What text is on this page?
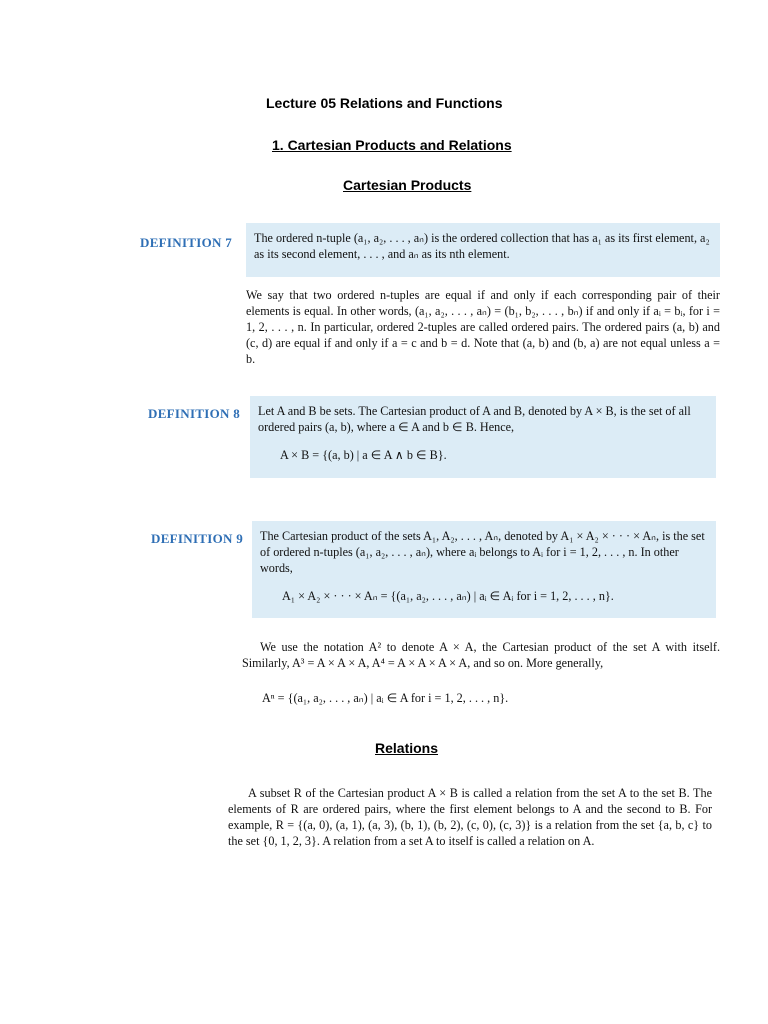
Lecture 05 Relations and Functions
1. Cartesian Products and Relations
Cartesian Products
DEFINITION 7	The ordered n-tuple (a₁, a₂, . . . , aₙ) is the ordered collection that has a₁ as its first element, a₂ as its second element, . . . , and aₙ as its nth element.
We say that two ordered n-tuples are equal if and only if each corresponding pair of their elements is equal. In other words, (a₁, a₂, . . . , aₙ) = (b₁, b₂, . . . , bₙ) if and only if aᵢ = bᵢ, for i = 1, 2, . . . , n. In particular, ordered 2-tuples are called ordered pairs. The ordered pairs (a, b) and (c, d) are equal if and only if a = c and b = d. Note that (a, b) and (b, a) are not equal unless a = b.
DEFINITION 8	Let A and B be sets. The Cartesian product of A and B, denoted by A × B, is the set of all ordered pairs (a, b), where a ∈ A and b ∈ B. Hence,
A × B = {(a, b) | a ∈ A ∧ b ∈ B}.
DEFINITION 9	The Cartesian product of the sets A₁, A₂, . . . , Aₙ, denoted by A₁ × A₂ × · · · × Aₙ, is the set of ordered n-tuples (a₁, a₂, . . . , aₙ), where aᵢ belongs to Aᵢ for i = 1, 2, . . . , n. In other words,
A₁ × A₂ × · · · × Aₙ = {(a₁, a₂, . . . , aₙ) | aᵢ ∈ Aᵢ for i = 1, 2, . . . , n}.
We use the notation A² to denote A × A, the Cartesian product of the set A with itself. Similarly, A³ = A × A × A, A⁴ = A × A × A × A, and so on. More generally,
Aⁿ = {(a₁, a₂, . . . , aₙ) | aᵢ ∈ A for i = 1, 2, . . . , n}.
Relations
A subset R of the Cartesian product A × B is called a relation from the set A to the set B. The elements of R are ordered pairs, where the first element belongs to A and the second to B. For example, R = {(a, 0), (a, 1), (a, 3), (b, 1), (b, 2), (c, 0), (c, 3)} is a relation from the set {a, b, c} to the set {0, 1, 2, 3}. A relation from a set A to itself is called a relation on A.
